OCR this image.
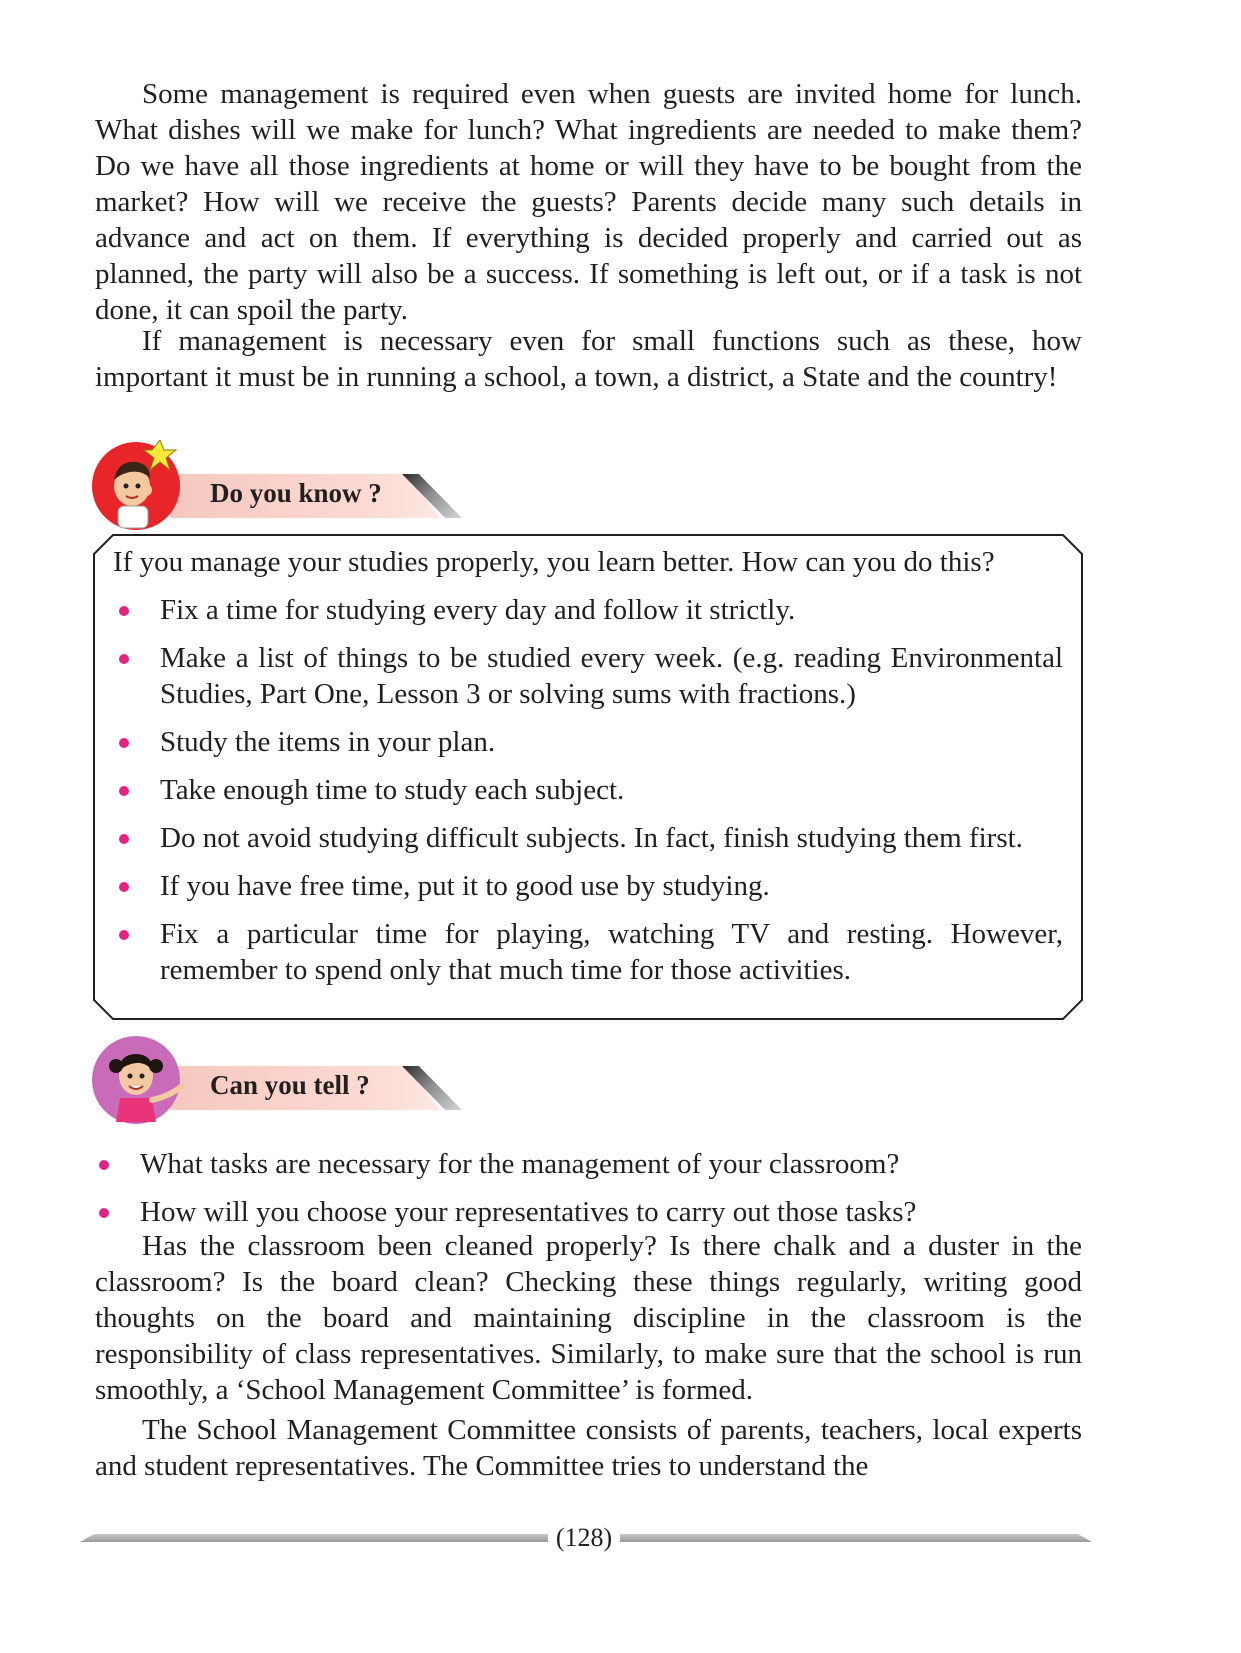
Some management is required even when guests are invited home for lunch. What dishes will we make for lunch? What ingredients are needed to make them? Do we have all those ingredients at home or will they have to be bought from the market? How will we receive the guests? Parents decide many such details in advance and act on them. If everything is decided properly and carried out as planned, the party will also be a success. If something is left out, or if a task is not done, it can spoil the party.

If management is necessary even for small functions such as these, how important it must be in running a school, a town, a district, a State and the country!

Do you know ?

If you manage your studies properly, you learn better. How can you do this?

Fix a time for studying every day and follow it strictly.
Make a list of things to be studied every week. (e.g. reading Environmental Studies, Part One, Lesson 3 or solving sums with fractions.)
Study the items in your plan.
Take enough time to study each subject.
Do not avoid studying difficult subjects. In fact, finish studying them first.
If you have free time, put it to good use by studying.
Fix a particular time for playing, watching TV and resting. However, remember to spend only that much time for those activities.
Can you tell ?
What tasks are necessary for the management of your classroom?
How will you choose your representatives to carry out those tasks?

Has the classroom been cleaned properly? Is there chalk and a duster in the classroom? Is the board clean? Checking these things regularly, writing good thoughts on the board and maintaining discipline in the classroom is the responsibility of class representatives. Similarly, to make sure that the school is run smoothly, a ‘School Management Committee’ is formed.

The School Management Committee consists of parents, teachers, local experts and student representatives. The Committee tries to understand the

(128)
